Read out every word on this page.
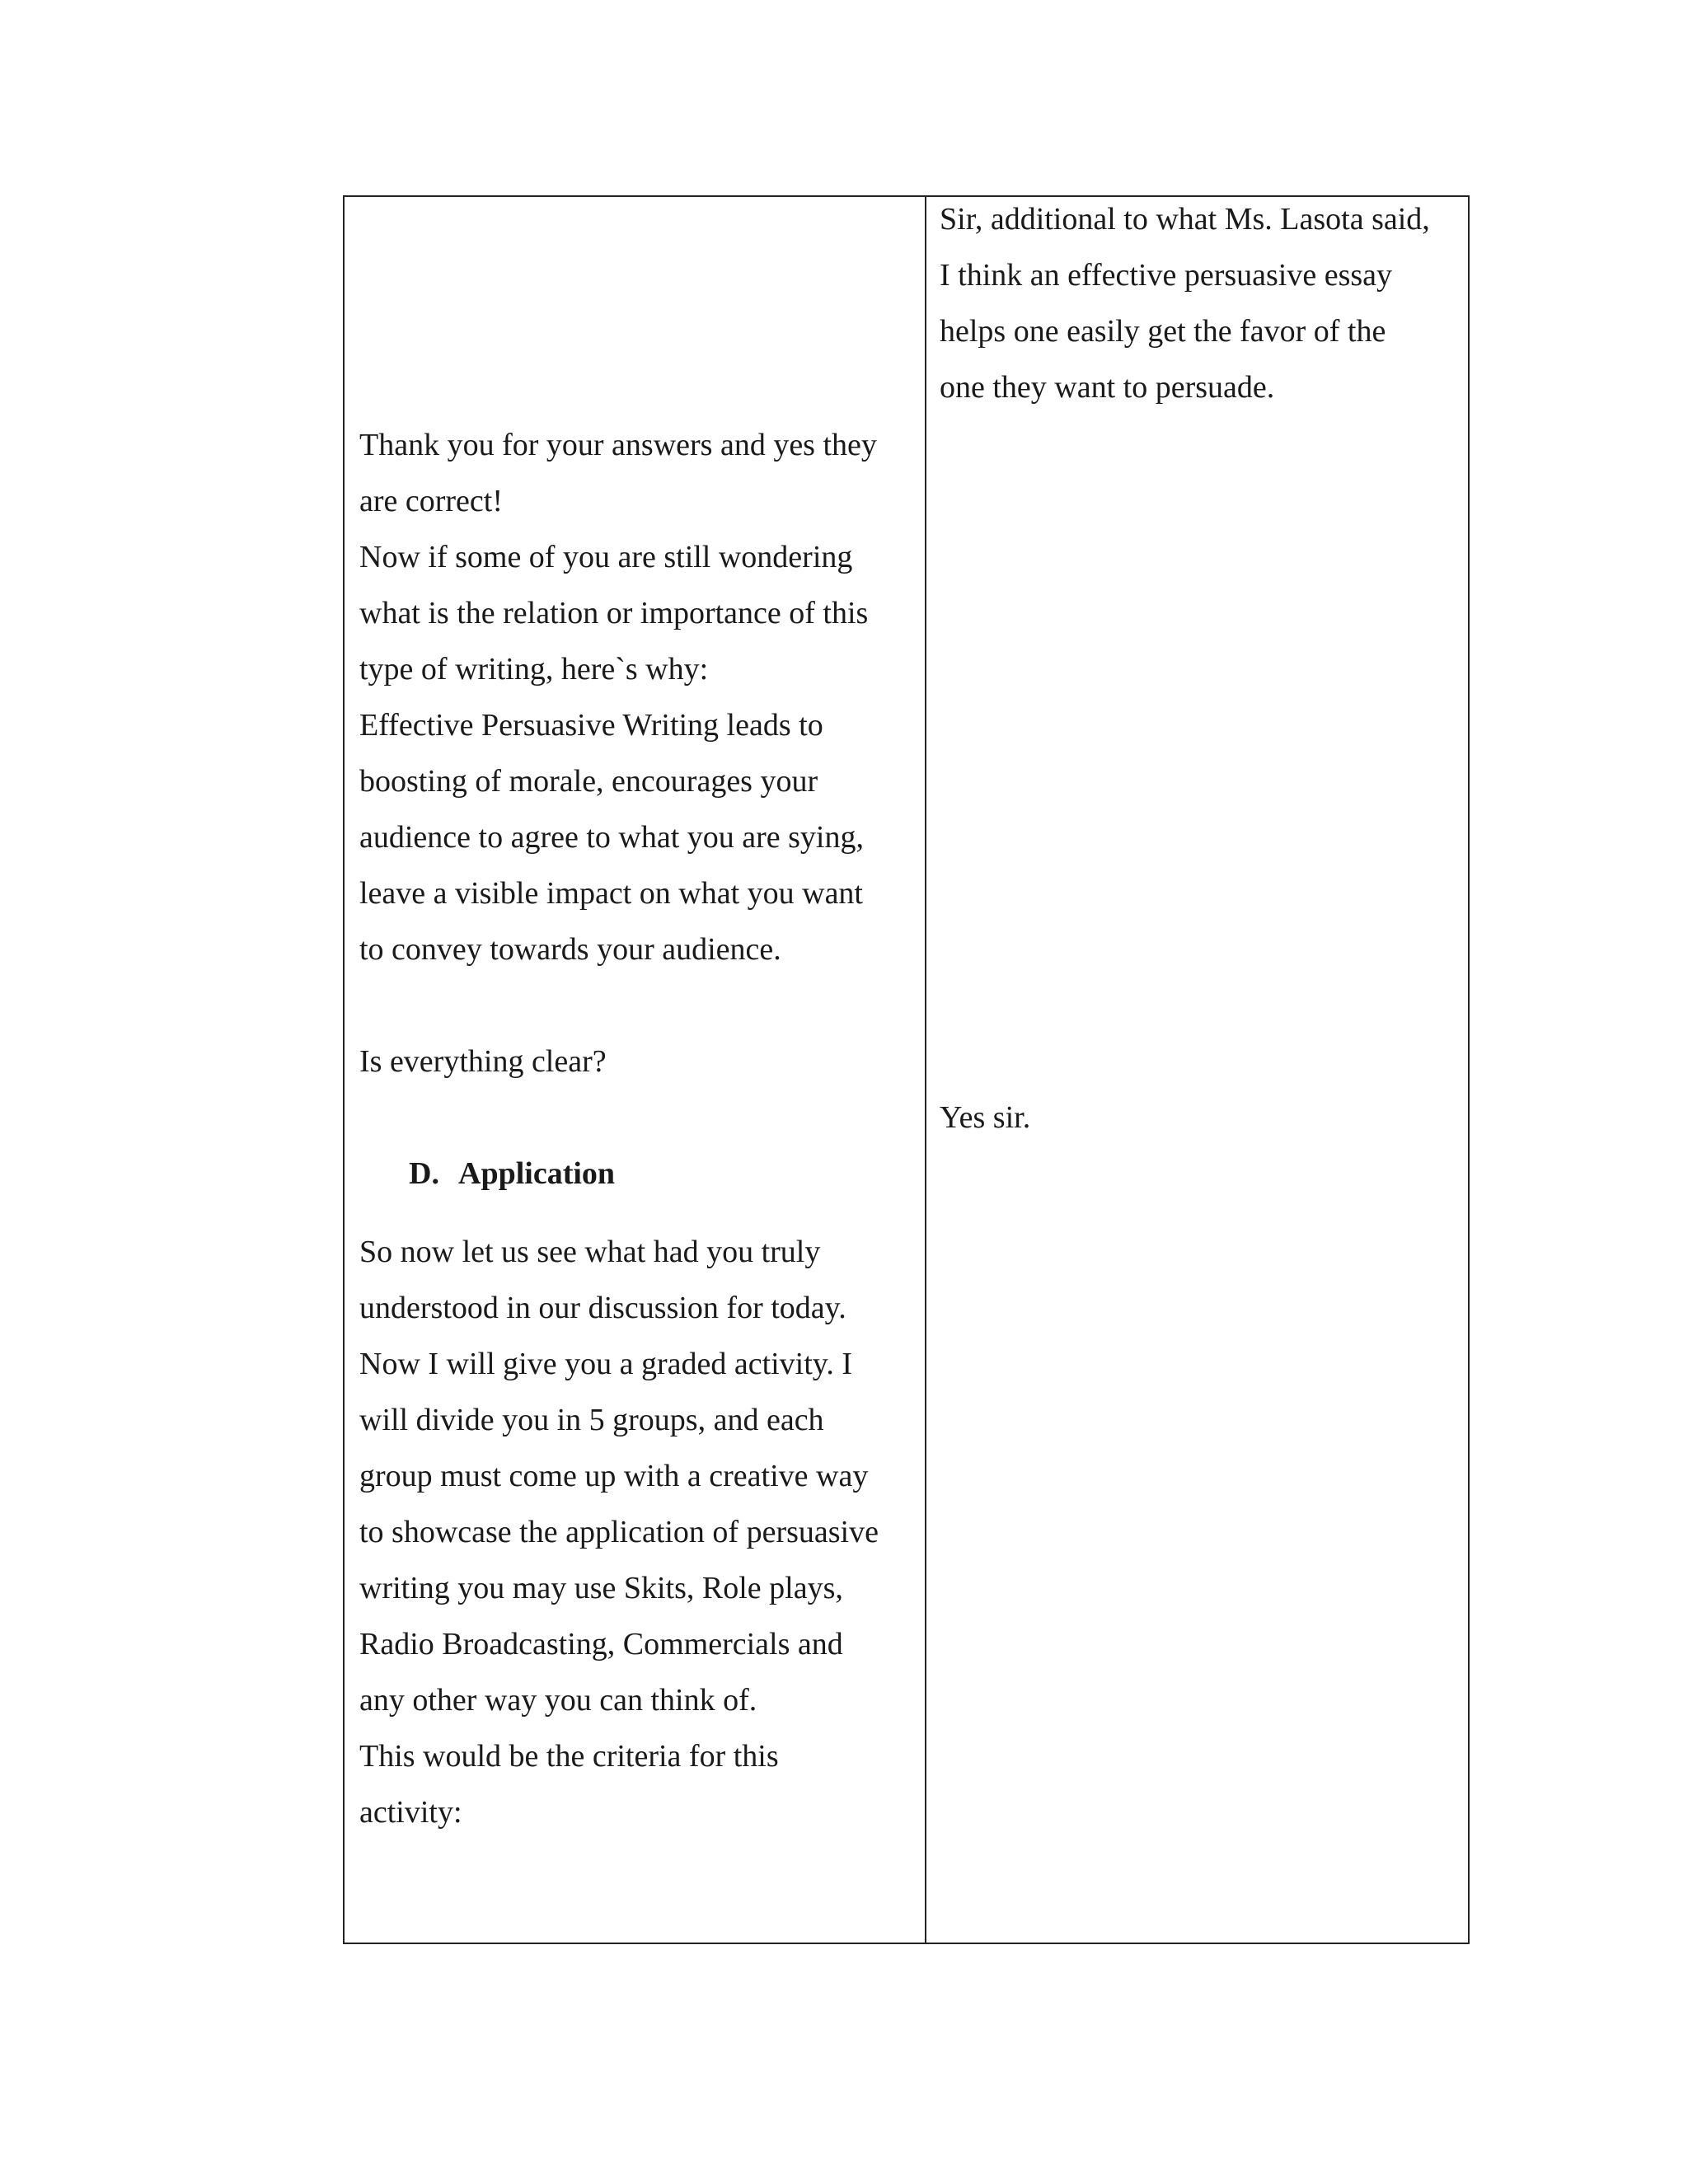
Thank you for your answers and yes they

are correct!

Now if some of you are still wondering

what is the relation or importance of this

type of writing, here`s why:

Effective Persuasive Writing leads to

boosting of morale, encourages your

audience to agree to what you are sying,

leave a visible impact on what you want

to convey towards your audience.

Is everything clear?

D. Application

So now let us see what had you truly

understood in our discussion for today.

Now I will give you a graded activity. I

will divide you in 5 groups, and each

group must come up with a creative way

to showcase the application of persuasive

writing you may use Skits, Role plays,

Radio Broadcasting, Commercials and

any other way you can think of.

This would be the criteria for this

activity:

Sir, additional to what Ms. Lasota said,

I think an effective persuasive essay

helps one easily get the favor of the

one they want to persuade.

Yes sir.
